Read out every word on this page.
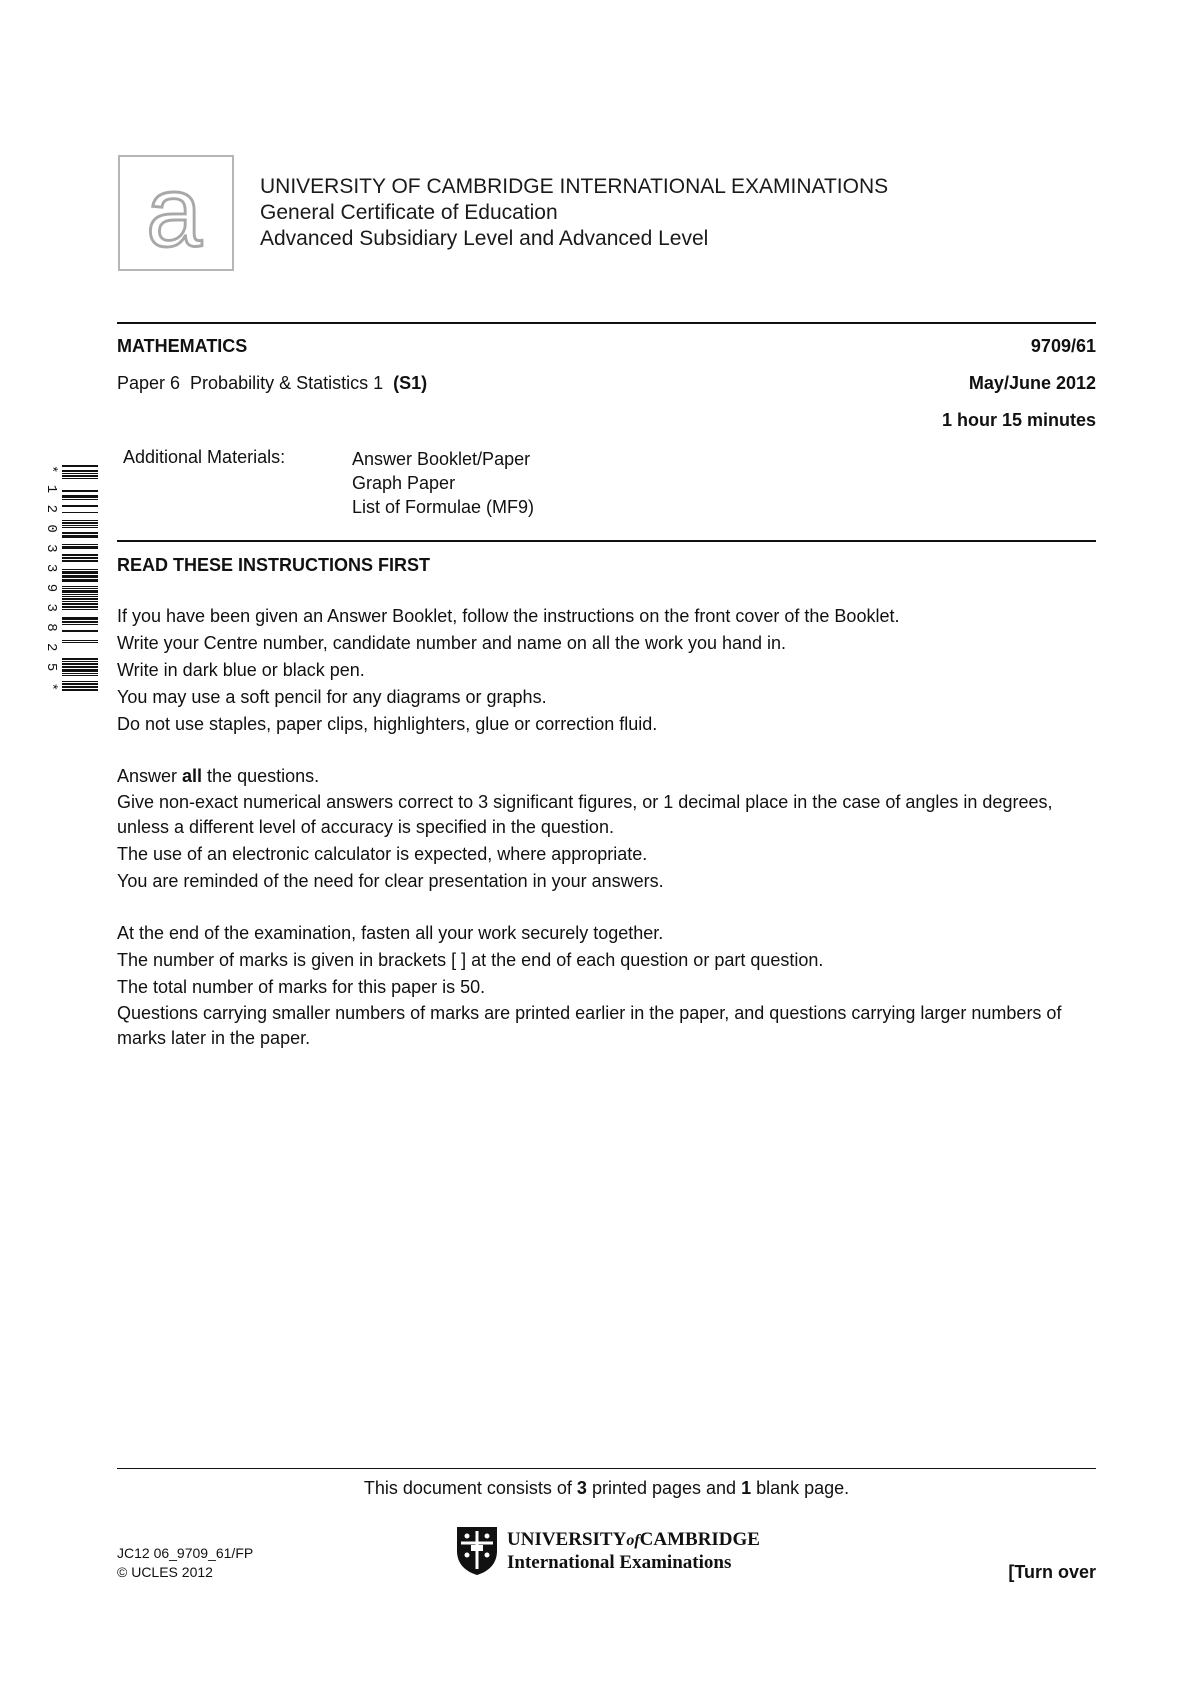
a	UNIVERSITY OF CAMBRIDGE INTERNATIONAL EXAMINATIONS
General Certificate of Education
Advanced Subsidiary Level and Advanced Level
MATHEMATICS	9709/61
Paper 6  Probability & Statistics 1  (S1)	May/June 2012
1 hour 15 minutes
Additional Materials:	Answer Booklet/Paper
Graph Paper
List of Formulae (MF9)
*1203393825*
READ THESE INSTRUCTIONS FIRST

If you have been given an Answer Booklet, follow the instructions on the front cover of the Booklet.

Write your Centre number, candidate number and name on all the work you hand in.

Write in dark blue or black pen.

You may use a soft pencil for any diagrams or graphs.

Do not use staples, paper clips, highlighters, glue or correction fluid.

Answer all the questions.

Give non-exact numerical answers correct to 3 significant figures, or 1 decimal place in the case of angles in degrees, unless a different level of accuracy is specified in the question.

The use of an electronic calculator is expected, where appropriate.

You are reminded of the need for clear presentation in your answers.

At the end of the examination, fasten all your work securely together.

The number of marks is given in brackets [ ] at the end of each question or part question.

The total number of marks for this paper is 50.

Questions carrying smaller numbers of marks are printed earlier in the paper, and questions carrying larger numbers of marks later in the paper.

This document consists of 3 printed pages and 1 blank page.
JC12 06_9709_61/FP
© UCLES 2012
UNIVERSITYofCAMBRIDGE
International Examinations	[Turn over
